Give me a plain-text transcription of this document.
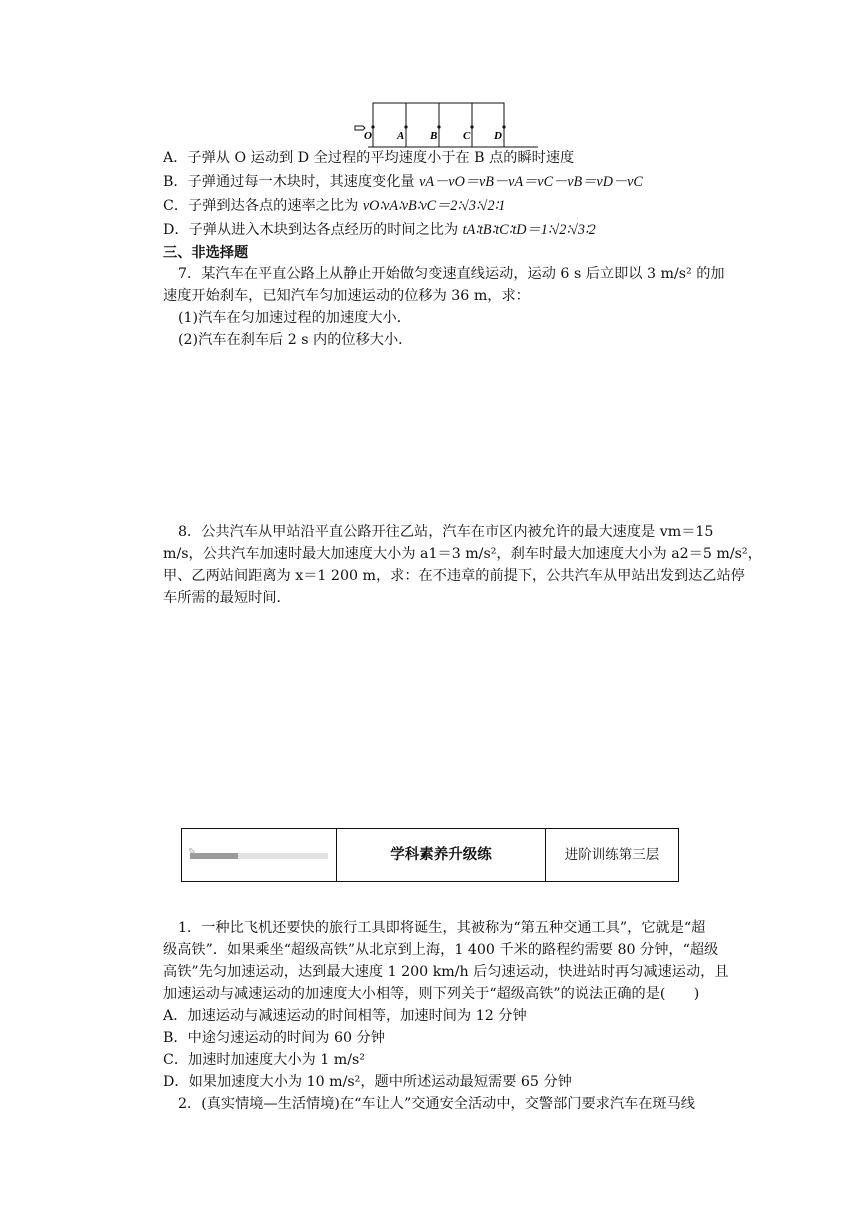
O A B C D
A．子弹从 O 运动到 D 全过程的平均速度小于在 B 点的瞬时速度
B．子弹通过每一木块时，其速度变化量 vA－vO＝vB－vA＝vC－vB＝vD－vC
C．子弹到达各点的速率之比为 vO∶vA∶vB∶vC＝2∶√3∶√2∶1
D．子弹从进入木块到达各点经历的时间之比为 tA∶tB∶tC∶tD＝1∶√2∶√3∶2
三、非选择题
7．某汽车在平直公路上从静止开始做匀变速直线运动，运动 6 s 后立即以 3 m/s² 的加
速度开始刹车，已知汽车匀加速运动的位移为 36 m，求：
(1)汽车在匀加速过程的加速度大小．
(2)汽车在刹车后 2 s 内的位移大小．
8．公共汽车从甲站沿平直公路开往乙站，汽车在市区内被允许的最大速度是 vm＝15
m/s，公共汽车加速时最大加速度大小为 a1＝3 m/s²，刹车时最大加速度大小为 a2＝5 m/s²，
甲、乙两站间距离为 x＝1 200 m，求：在不违章的前提下，公共汽车从甲站出发到达乙站停
车所需的最短时间．
✎	学科素养升级练	进阶训练第三层
1．一种比飞机还要快的旅行工具即将诞生，其被称为“第五种交通工具”，它就是“超
级高铁”．如果乘坐“超级高铁”从北京到上海，1 400 千米的路程约需要 80 分钟，“超级
高铁”先匀加速运动，达到最大速度 1 200 km/h 后匀速运动，快进站时再匀减速运动，且
加速运动与减速运动的加速度大小相等，则下列关于“超级高铁”的说法正确的是(　　)
A．加速运动与减速运动的时间相等，加速时间为 12 分钟
B．中途匀速运动的时间为 60 分钟
C．加速时加速度大小为 1 m/s²
D．如果加速度大小为 10 m/s²，题中所述运动最短需要 65 分钟
2．(真实情境—生活情境)在“车让人”交通安全活动中，交警部门要求汽车在斑马线
